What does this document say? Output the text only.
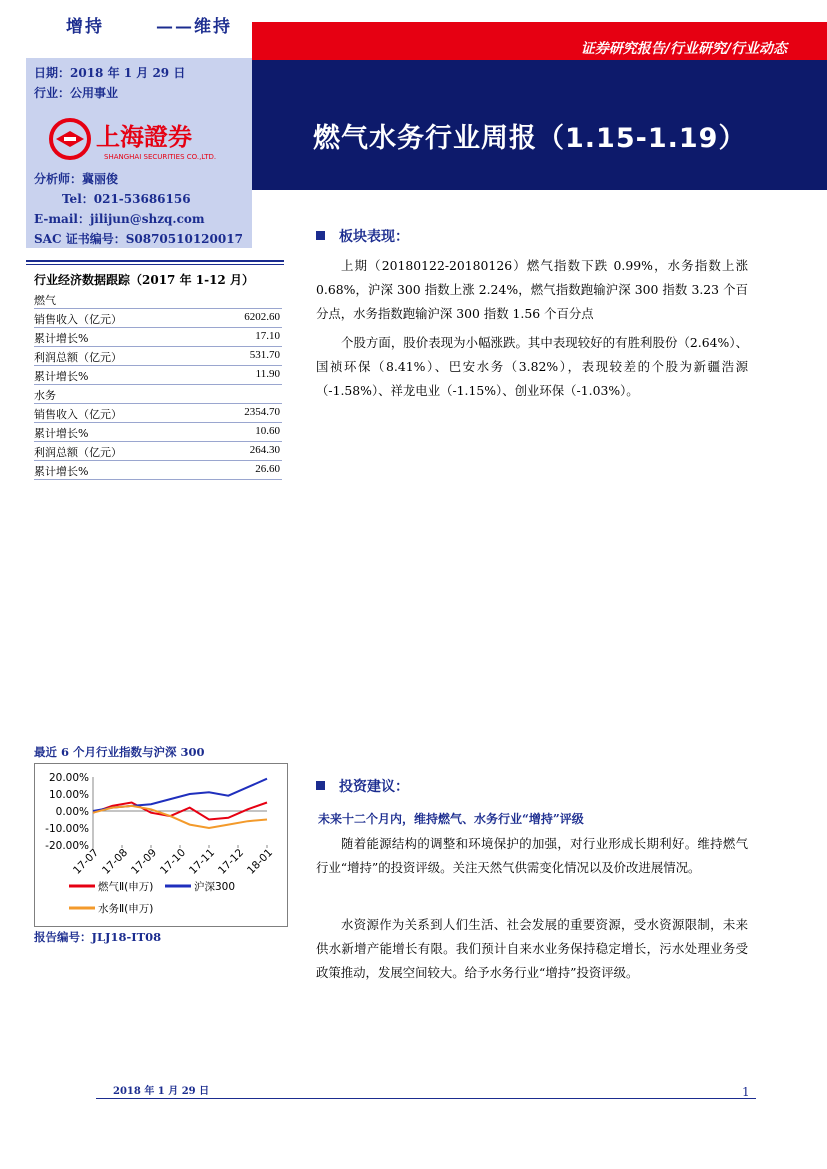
增持	——维持
证券研究报告/行业研究/行业动态
燃气水务行业周报（1.15-1.19）
日期：2018 年 1 月 29 日
行业：公用事业
上海證券
SHANGHAI SECURITIES CO.,LTD.
分析师：冀丽俊
Tel：021-53686156
E-mail：jilijun@shzq.com
SAC 证书编号：S0870510120017
行业经济数据跟踪（2017 年 1-12 月）
燃气
销售收入（亿元）	6202.60
累计增长%	17.10
利润总额（亿元）	531.70
累计增长%	11.90
水务
销售收入（亿元）	2354.70
累计增长%	10.60
利润总额（亿元）	264.30
累计增长%	26.60
板块表现：
上期（20180122-20180126）燃气指数下跌 0.99%，水务指数上涨 0.68%，沪深 300 指数上涨 2.24%，燃气指数跑输沪深 300 指数 3.23 个百分点，水务指数跑输沪深 300 指数 1.56 个百分点
个股方面，股价表现为小幅涨跌。其中表现较好的有胜利股份（2.64%）、国祯环保（8.41%）、巴安水务（3.82%），表现较差的个股为新疆浩源（-1.58%）、祥龙电业（-1.15%）、创业环保（-1.03%）。
投资建议：
未来十二个月内，维持燃气、水务行业“增持”评级
随着能源结构的调整和环境保护的加强，对行业形成长期利好。维持燃气行业“增持”的投资评级。关注天然气供需变化情况以及价改进展情况。
水资源作为关系到人们生活、社会发展的重要资源，受水资源限制，未来供水新增产能增长有限。我们预计自来水业务保持稳定增长，污水处理业务受政策推动，发展空间较大。给予水务行业“增持”投资评级。
最近 6 个月行业指数与沪深 300
20.00%
10.00%
0.00%
-10.00%
-20.00%
17-07
17-08
17-09
17-10
17-11
17-12
18-01
燃气Ⅱ(申万)	沪深300
水务Ⅱ(申万)
报告编号：JLJ18-IT08
2018 年 1 月 29 日	1
